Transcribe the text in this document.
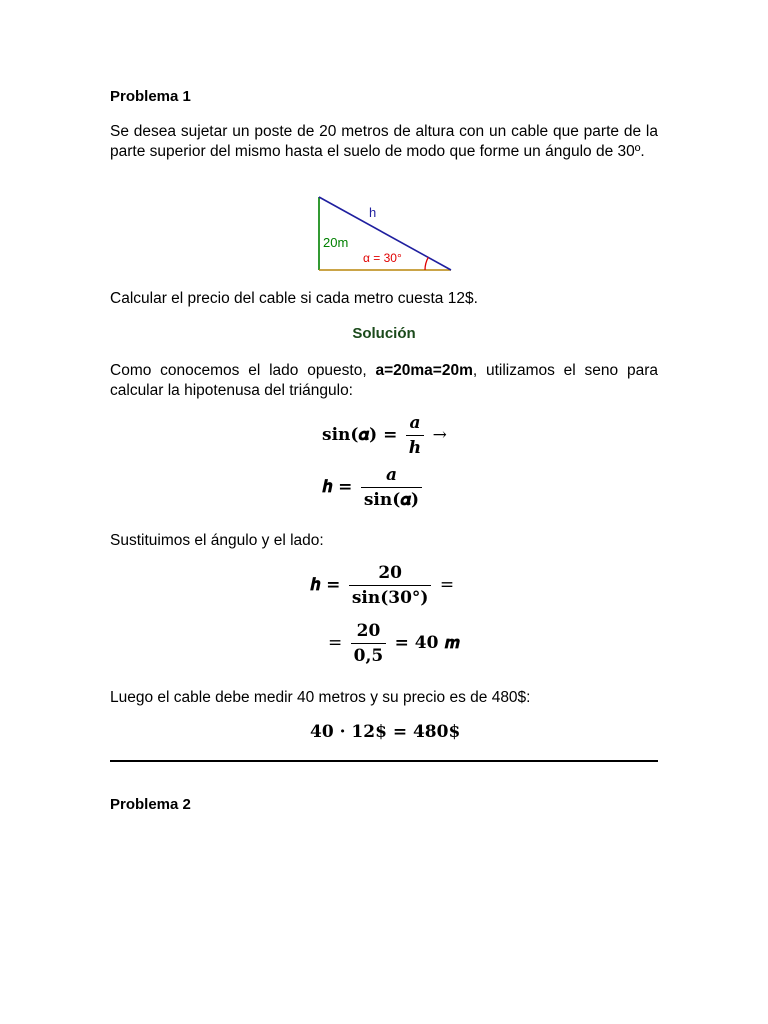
Problema 1
Se desea sujetar un poste de 20 metros de altura con un cable que parte de la parte superior del mismo hasta el suelo de modo que forme un ángulo de 30º.
h
20m
α = 30°
Calcular el precio del cable si cada metro cuesta 12$.
Solución
Como conocemos el lado opuesto, a=20ma=20m, utilizamos el seno para calcular la hipotenusa del triángulo:
sin(𝜶) = $\frac{\text{𝒂}}{\text{𝒉}}$ →
𝒉 = $\frac{\text{𝒂}}{\text{sin(𝜶)}}$
Sustituimos el ángulo y el lado:
𝒉 = $\frac{20}{\sin(30^\circ)}$ =
= $\frac{20}{0,5} = 40$ 𝒎
Luego el cable debe medir 40 metros y su precio es de 480$:
40 · 12$ = 480$
Problema 2
